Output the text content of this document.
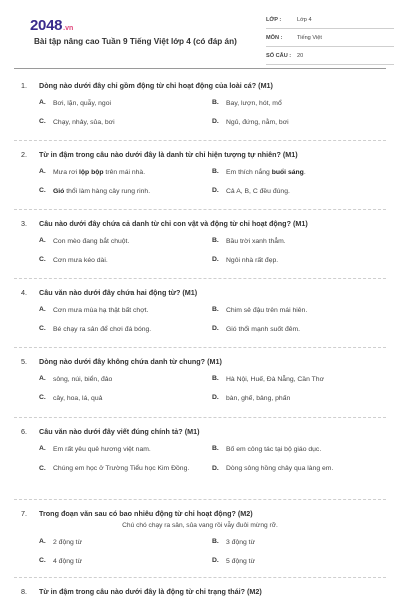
2048 .vn
Bài tập nâng cao Tuần 9 Tiếng Việt lớp 4 (có đáp án)
LỚP :	Lớp 4
MÔN :	Tiếng Việt
SỐ CÂU :	20
1.	Dòng nào dưới đây chỉ gồm động từ chỉ hoạt động của loài cá? (M1)
A.	Bơi, lặn, quẫy, ngoi	B.	Bay, lượn, hót, mổ
C.	Chạy, nhảy, sủa, bơi	D.	Ngủ, đứng, nằm, bơi
2.	Từ in đậm trong câu nào dưới đây là danh từ chỉ hiện tượng tự nhiên? (M1)
A.	Mưa rơi lộp bộp trên mái nhà.	B.	Em thích nắng buổi sáng.
C.	Gió thổi làm hàng cây rung rinh.	D.	Cả A, B, C đều đúng.
3.	Câu nào dưới đây chứa cả danh từ chỉ con vật và động từ chỉ hoạt động? (M1)
A.	Con mèo đang bắt chuột.	B.	Bầu trời xanh thẳm.
C.	Cơn mưa kéo dài.	D.	Ngôi nhà rất đẹp.
4.	Câu văn nào dưới đây chứa hai động từ? (M1)
A.	Cơn mưa mùa hạ thật bất chợt.	B.	Chim sẻ đậu trên mái hiên.
C.	Bé chạy ra sân để chơi đá bóng.	D.	Gió thổi mạnh suốt đêm.
5.	Dòng nào dưới đây không chứa danh từ chung? (M1)
A.	sông, núi, biển, đảo	B.	Hà Nội, Huế, Đà Nẵng, Cần Thơ
C.	cây, hoa, lá, quả	D.	bàn, ghế, bảng, phấn
6.	Câu văn nào dưới đây viết đúng chính tả? (M1)
A.	Em rất yêu quê hương việt nam.	B.	Bố em công tác tại bộ giáo dục.
C.	Chúng em học ở Trường Tiểu học Kim Đồng.	D.	Dòng sông hồng chảy qua làng em.
7.	Trong đoạn văn sau có bao nhiêu động từ chỉ hoạt động? (M2)
Chú chó chạy ra sân, sủa vang rồi vẫy đuôi mừng rỡ.
A.	2 động từ	B.	3 động từ
C.	4 động từ	D.	5 động từ
8.	Từ in đậm trong câu nào dưới đây là động từ chỉ trạng thái? (M2)
